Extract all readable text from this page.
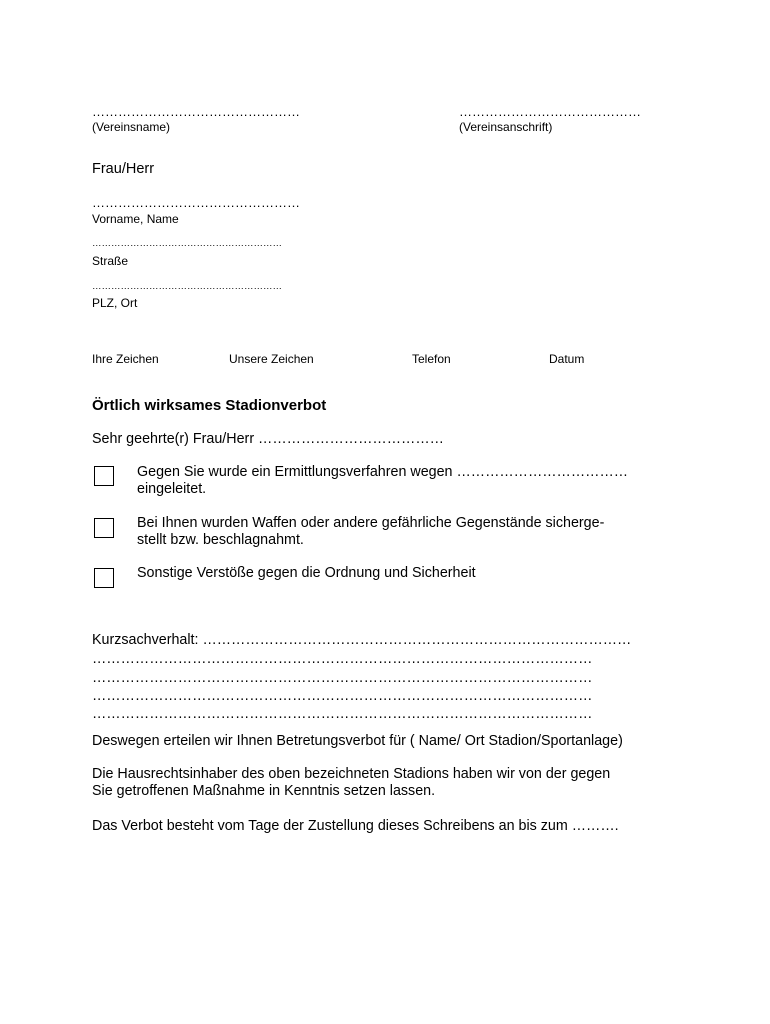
…………………………………………
(Vereinsname)
……………………………………
(Vereinsanschrift)
Frau/Herr
…………………………………………
Vorname, Name
……………………………………………………
Straße
……………………………………………………
PLZ, Ort
Ihre Zeichen	Unsere Zeichen	Telefon	Datum
Örtlich wirksames Stadionverbot
Sehr geehrte(r) Frau/Herr …………………………………
Gegen Sie wurde ein Ermittlungsverfahren wegen ………………………………
eingeleitet.
Bei Ihnen wurden Waffen oder andere gefährliche Gegenstände sicherge-
stellt bzw. beschlagnahmt.
Sonstige Verstöße gegen die Ordnung und Sicherheit
Kurzsachverhalt: ………………………………………………………………………………
……………………………………………………………………………………………
……………………………………………………………………………………………
……………………………………………………………………………………………
……………………………………………………………………………………………
Deswegen erteilen wir Ihnen Betretungsverbot für ( Name/ Ort Stadion/Sportanlage)
Die Hausrechtsinhaber des oben bezeichneten Stadions haben wir von der gegen
Sie getroffenen Maßnahme in Kenntnis setzen lassen.
Das Verbot besteht vom Tage der Zustellung dieses Schreibens an bis zum ……….
